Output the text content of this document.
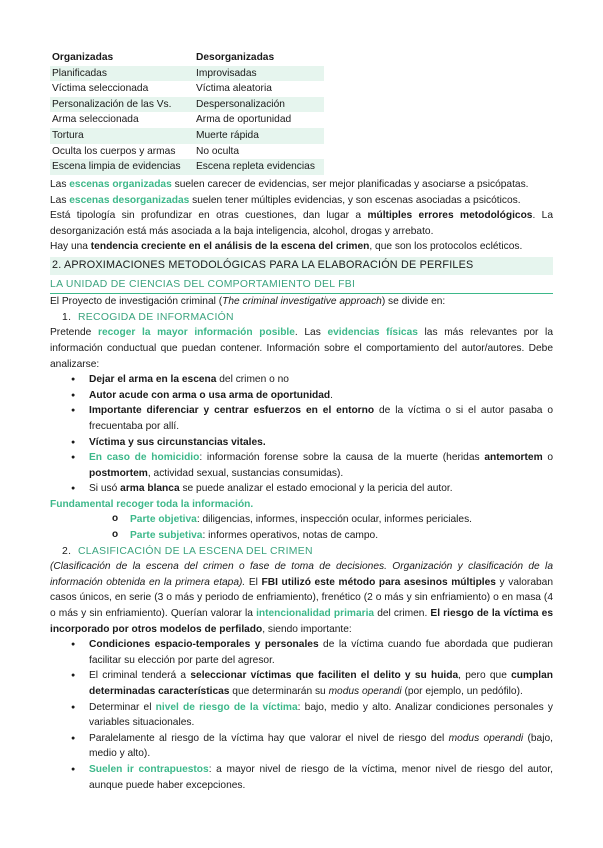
Organizadas	Desorganizadas
Planificadas	Improvisadas
Víctima seleccionada	Víctima aleatoria
Personalización de las Vs.	Despersonalización
Arma seleccionada	Arma de oportunidad
Tortura	Muerte rápida
Oculta los cuerpos y armas	No oculta
Escena limpia de evidencias	Escena repleta evidencias

Las escenas organizadas suelen carecer de evidencias, ser mejor planificadas y asociarse a psicópatas.

Las escenas desorganizadas suelen tener múltiples evidencias, y son escenas asociadas a psicóticos.

Está tipología sin profundizar en otras cuestiones, dan lugar a múltiples errores metodológicos. La desorganización está más asociada a la baja inteligencia, alcohol, drogas y arrebato.

Hay una tendencia creciente en el análisis de la escena del crimen, que son los protocolos ecléticos.

2. APROXIMACIONES METODOLÓGICAS PARA LA ELABORACIÓN DE PERFILES
LA UNIDAD DE CIENCIAS DEL COMPORTAMIENTO DEL FBI

El Proyecto de investigación criminal (The criminal investigative approach) se divide en:

1. RECOGIDA DE INFORMACIÓN

Pretende recoger la mayor información posible. Las evidencias físicas las más relevantes por la información conductual que puedan contener. Información sobre el comportamiento del autor/autores. Debe analizarse:

● Dejar el arma en la escena del crimen o no
● Autor acude con arma o usa arma de oportunidad.
● Importante diferenciar y centrar esfuerzos en el entorno de la víctima o si el autor pasaba o frecuentaba por allí.
● Víctima y sus circunstancias vitales.
● En caso de homicidio: información forense sobre la causa de la muerte (heridas antemortem o postmortem, actividad sexual, sustancias consumidas).
● Si usó arma blanca se puede analizar el estado emocional y la pericia del autor.

Fundamental recoger toda la información.

o Parte objetiva: diligencias, informes, inspección ocular, informes periciales.
o Parte subjetiva: informes operativos, notas de campo.
2. CLASIFICACIÓN DE LA ESCENA DEL CRIMEN

(Clasificación de la escena del crimen o fase de toma de decisiones. Organización y clasificación de la información obtenida en la primera etapa). El FBI utilizó este método para asesinos múltiples y valoraban casos únicos, en serie (3 o más y periodo de enfriamiento), frenético (2 o más y sin enfriamiento) o en masa (4 o más y sin enfriamiento). Querían valorar la intencionalidad primaria del crimen. El riesgo de la víctima es incorporado por otros modelos de perfilado, siendo importante:

● Condiciones espacio-temporales y personales de la víctima cuando fue abordada que pudieran facilitar su elección por parte del agresor.
● El criminal tenderá a seleccionar víctimas que faciliten el delito y su huida, pero que cumplan determinadas características que determinarán su modus operandi (por ejemplo, un pedófilo).
● Determinar el nivel de riesgo de la víctima: bajo, medio y alto. Analizar condiciones personales y variables situacionales.
● Paralelamente al riesgo de la víctima hay que valorar el nivel de riesgo del modus operandi (bajo, medio y alto).
● Suelen ir contrapuestos: a mayor nivel de riesgo de la víctima, menor nivel de riesgo del autor, aunque puede haber excepciones.
